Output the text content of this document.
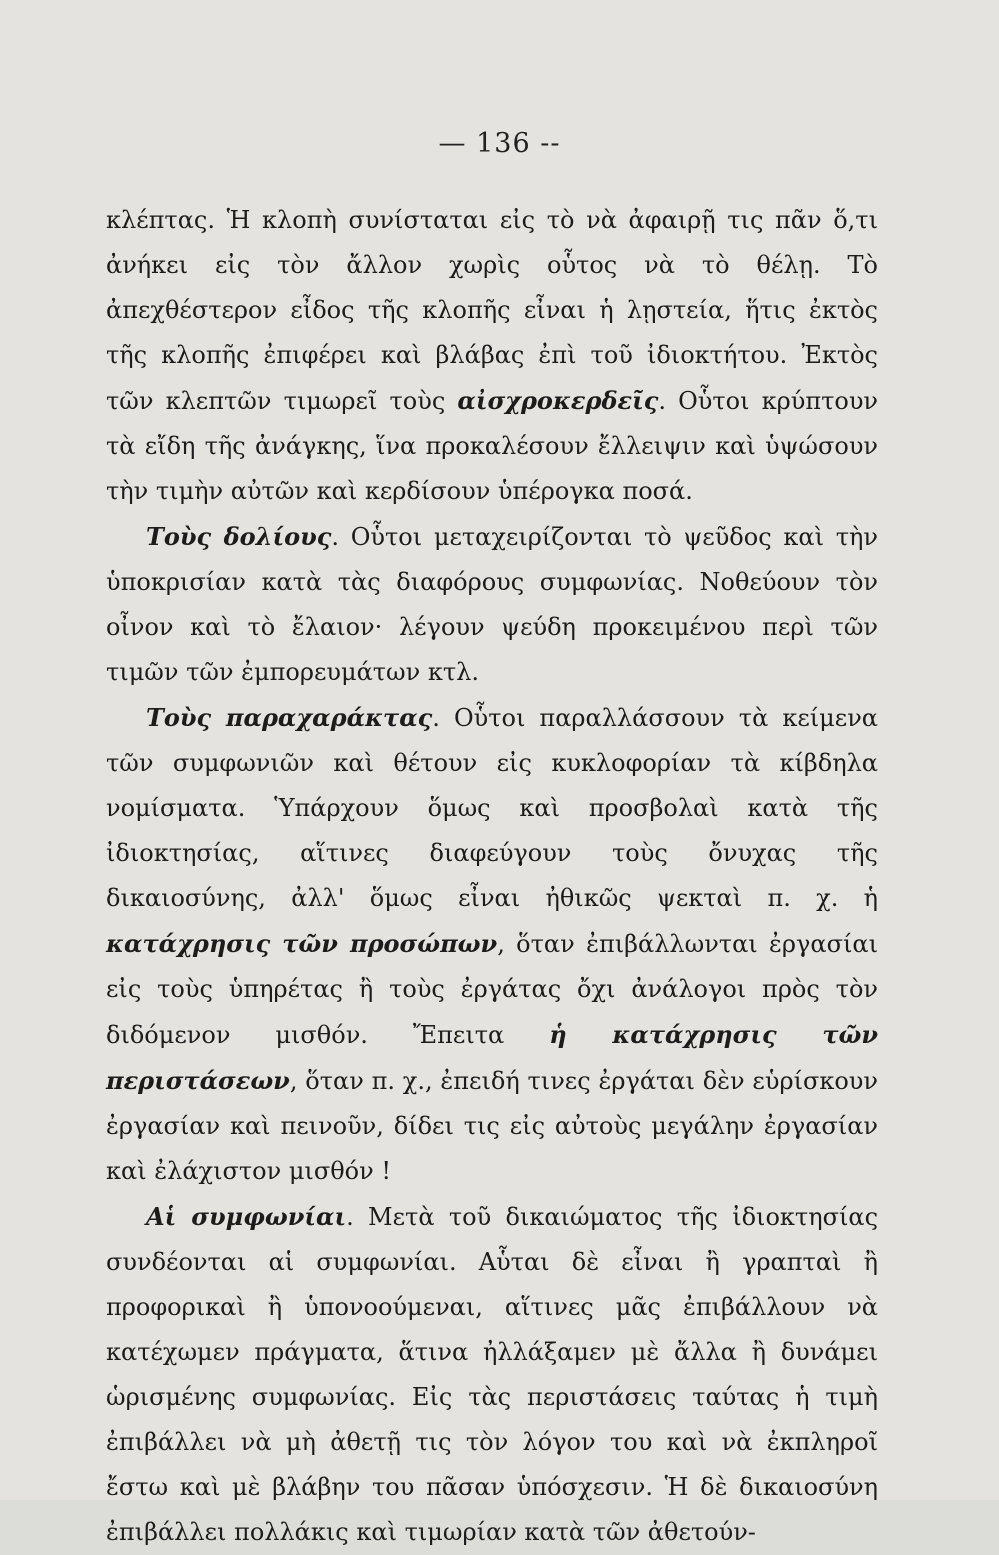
— 136 --

κλέπτας. Ἡ κλοπὴ συνίσταται εἰς τὸ νὰ ἀφαιρῇ τις πᾶν ὅ,τι ἀνήκει εἰς τὸν ἄλλον χωρὶς οὗτος νὰ τὸ θέλῃ. Τὸ ἀπεχθέστερον εἶδος τῆς κλοπῆς εἶναι ἡ λῃστεία, ἥτις ἐκτὸς τῆς κλοπῆς ἐπιφέρει καὶ βλάβας ἐπὶ τοῦ ἰδιοκτήτου. Ἐκτὸς τῶν κλεπτῶν τιμωρεῖ τοὺς αἰσχροκερδεῖς. Οὗτοι κρύπτουν τὰ εἴδη τῆς ἀνάγκης, ἵνα προκαλέσουν ἔλλειψιν καὶ ὑψώσουν τὴν τιμὴν αὐτῶν καὶ κερδίσουν ὑπέρογκα ποσά.

Τοὺς δολίους. Οὗτοι μεταχειρίζονται τὸ ψεῦδος καὶ τὴν ὑποκρισίαν κατὰ τὰς διαφόρους συμφωνίας. Νοθεύουν τὸν οἶνον καὶ τὸ ἔλαιον· λέγουν ψεύδη προκειμένου περὶ τῶν τιμῶν τῶν ἐμπορευμάτων κτλ.

Τοὺς παραχαράκτας. Οὗτοι παραλλάσσουν τὰ κείμενα τῶν συμφωνιῶν καὶ θέτουν εἰς κυκλοφορίαν τὰ κίβδηλα νομίσματα. Ὑπάρχουν ὅμως καὶ προσβολαὶ κατὰ τῆς ἰδιοκτησίας, αἵτινες διαφεύγουν τοὺς ὄνυχας τῆς δικαιοσύνης, ἀλλ' ὅμως εἶναι ἠθικῶς ψεκταὶ π. χ. ἡ κατάχρησις τῶν προσώπων, ὅταν ἐπιβάλλωνται ἐργασίαι εἰς τοὺς ὑπηρέτας ἢ τοὺς ἐργάτας ὄχι ἀνάλογοι πρὸς τὸν διδόμενον μισθόν. Ἔπειτα ἡ κατάχρησις τῶν περιστάσεων, ὅταν π. χ., ἐπειδή τινες ἐργάται δὲν εὑρίσκουν ἐργασίαν καὶ πεινοῦν, δίδει τις εἰς αὐτοὺς μεγάλην ἐργασίαν καὶ ἐλάχιστον μισθόν !

Αἱ συμφωνίαι. Μετὰ τοῦ δικαιώματος τῆς ἰδιοκτησίας συνδέονται αἱ συμφωνίαι. Αὗται δὲ εἶναι ἢ γραπταὶ ἢ προφορικαὶ ἢ ὑπονοούμεναι, αἵτινες μᾶς ἐπιβάλλουν νὰ κατέχωμεν πράγματα, ἅτινα ἠλλάξαμεν μὲ ἄλλα ἢ δυνάμει ὡρισμένης συμφωνίας. Εἰς τὰς περιστάσεις ταύτας ἡ τιμὴ ἐπιβάλλει νὰ μὴ ἀθετῇ τις τὸν λόγον του καὶ νὰ ἐκπληροῖ ἔστω καὶ μὲ βλάβην του πᾶσαν ὑπόσχεσιν. Ἡ δὲ δικαιοσύνη ἐπιβάλλει πολλάκις καὶ τιμωρίαν κατὰ τῶν ἀθετούν-
